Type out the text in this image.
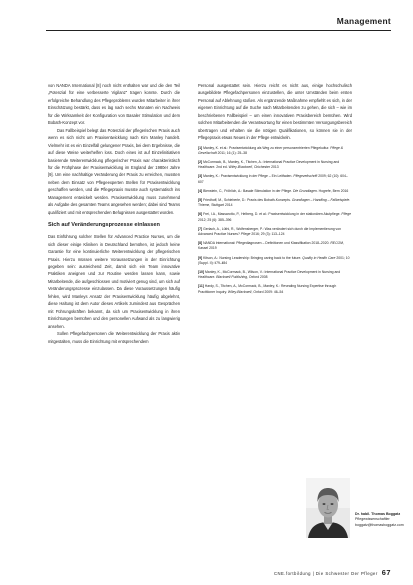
Management

von NANDA International [8] noch nicht enthalten war und die den Teil „Potenzial für eine verbesserte Vigilanz“ tragen konnte. Durch die erfolgreiche Behandlung des Pflegeproblems wurden Mitarbeiter in ihrer Einschätzung bestärkt, dass es lag nach sechs Monaten ein Nachweis für die Wirksamkeit der Konfiguration von Basaler Stimulation und dem Bobath-Konzept vor.

Das Fallbeispiel belegt das Potenzial der pflegerischen Praxis auch wenn es sich nicht um Praxisentwicklung nach Kim Manley handelt. Vielmehr ist es ein Einzelfall gelungener Praxis, bei dem Ergebnisse, die auf diese Weise weiterhelfen loss. Doch eines ist auf Einzelinitiativen basierende Weiterentwicklung pflegerischer Praxis war charakteristisch für die Frühphase der Praxisentwicklung im England der 1980er Jahre [9]. Um eine nachhaltige Veränderung der Praxis zu erreichen, mussten neben dem Einsatz von Pflegeexperten Stellen für Praxisentwicklung geschaffen werden, und die Pflegepraxis musste auch systematisch ins Management entwickelt werden. Praxisentwicklung muss zunehmend als Aufgabe des gesamten Teams angesehen werden; dabei sind Teams qualifiziert und mit entsprechenden Befugnissen ausgestattet worden.

Sich auf Veränderungsprozesse einlassen

Das Einführung solcher Stellen für Advanced Practice Nurses, um die sich dieser einige Kliniken in Deutschland bemühen, ist jedoch keine Garantie für eine kontinuierliche Weiterentwicklung der pflegerischen Praxis. Hierzu müssen weitere Voraussetzungen in der Einrichtung gegeben sein: ausreichend Zeit, damit sich ein Team innovative Praktiken aneignen und zur Routine werden lassen kann, sowie Mitarbeitende, die aufgeschlossen und motiviert genug sind, um sich auf Veränderungsprozesse einzulassen. Da diese Voraussetzungen häufig fehlen, wird Manleys Ansatz der Praxisentwicklung häufig abgelehnt, diese Haltung ist dem Autor dieses Artikels zumindest aus Gesprächen mit Führungskräften bekannt, da sich um Praxisentwicklung in ihren Einrichtungen bemühen und den personellen Aufwand als zu langwierig ansehen.

Sollen Pflegefachpersonen die Weiterentwicklung der Praxis aktiv mitgestalten, muss die Einrichtung mit entsprechendem

Personal ausgestattet sein. Hierzu reicht es nicht aus, einige hochschulisch ausgebildete Pflegefachpersonen einzustellen, die unter Umständen beim ersten Personal auf Ablehnung stoßen. Als ergänzende Maßnahme empfiehlt es sich, in der eigenen Einrichtung auf die Suche nach Mitarbeitenden zu gehen, die sich – wie im beschriebenen Fallbeispiel – um einen innovativen Praxisbereich bemühen. Wird solchen Mitarbeitenden die Verantwortung für einen bestimmten Versorgungsbereich übertragen und erhalten sie die nötigen Qualifikationen, so können sie in der Pflegepraxis etwas Neues in der Pflege entwickeln.

[1] Manley, K. et al.: Praxisentwicklung als Weg zu einer personzentrierten Pflegekultur. Pflege & Gesellschaft 2011; 16 (1): 25–38
[2] McCormack, B., Manley, K., Titchen, A.: International Practice Development in Nursing and Healthcare. 2nd ed. Wiley-Blackwell, Chichester 2013
[3] Manley, K.: Praxisentwicklung in der Pflege – Ein Leitfaden. Pflegezeitschrift 2009; 62 (10): 604–607
[4] Bienstein, C., Fröhlich, A.: Basale Stimulation in der Pflege. Die Grundlagen. Hogrefe, Bern 2016
[5] Friedhoff, M., Schieberle, D.: Praxis des Bobath-Konzepts. Grundlagen – Handling – Fallbeispiele. Thieme, Stuttgart 2014
[6] Frei, I.A., Massarotto, P., Helberg, D. et al.: Praxisentwicklung in der stationären Akutpflege. Pflege 2012; 25 (6): 385–396
[7] Gerlach, A., Lüthi, R., Wolfensberger, P.: Was verändert sich durch die Implementierung von Advanced Practice Nurses? Pflege 2016; 29 (3): 113–124
[8] NANDA International: Pflegediagnosen – Definitionen und Klassifikation 2018–2020. RECOM, Kassel 2019
[9] Kitson, A.: Nursing Leadership: Bringing caring back to the future. Quality in Health Care 2001; 10 (Suppl. II): ii79–ii84
[10] Manley, K., McCormack, B., Wilson, V.: International Practice Development in Nursing and Healthcare. Blackwell Publishing, Oxford 2008
[11] Hardy, S., Titchen, A., McCormack, B., Manley, K.: Revealing Nursing Expertise through Practitioner Inquiry. Wiley-Blackwell, Oxford 2009: 46–54
Dr. habil. Thomas Boggatz
Pflegewissenschaftler
boggatz@thomasboggatz.com
CNE.fortbildung | Die Schwester Der Pfleger 67
